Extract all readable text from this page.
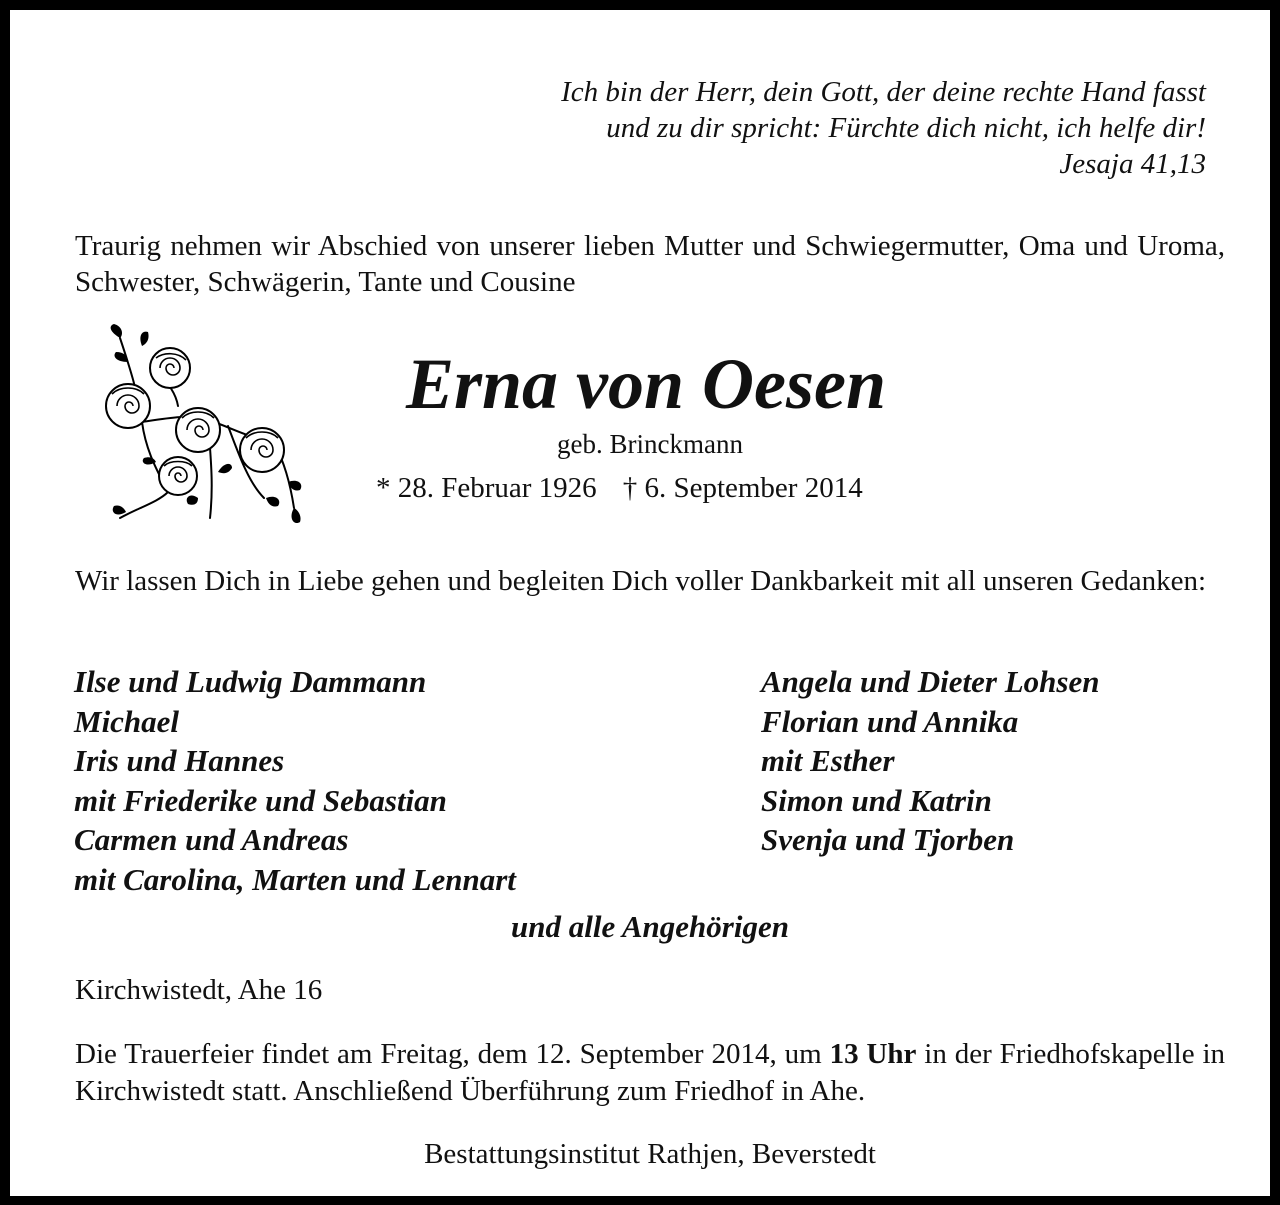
Ich bin der Herr, dein Gott, der deine rechte Hand fasst
und zu dir spricht: Fürchte dich nicht, ich helfe dir!
Jesaja 41,13
Traurig nehmen wir Abschied von unserer lieben Mutter und Schwiegermutter, Oma und Uroma, Schwester, Schwägerin, Tante und Cousine
Erna von Oesen
geb. Brinckmann
* 28. Februar 1926 † 6. September 2014
Wir lassen Dich in Liebe gehen und begleiten Dich voller Dankbarkeit mit all unseren Gedanken:
Ilse und Ludwig Dammann
Michael
Iris und Hannes
mit Friederike und Sebastian
Carmen und Andreas
mit Carolina, Marten und Lennart
Angela und Dieter Lohsen
Florian und Annika
mit Esther
Simon und Katrin
Svenja und Tjorben
und alle Angehörigen
Kirchwistedt, Ahe 16
Die Trauerfeier findet am Freitag, dem 12. September 2014, um 13 Uhr in der Friedhofskapelle in Kirchwistedt statt. Anschließend Überführung zum Friedhof in Ahe.
Bestattungsinstitut Rathjen, Beverstedt
